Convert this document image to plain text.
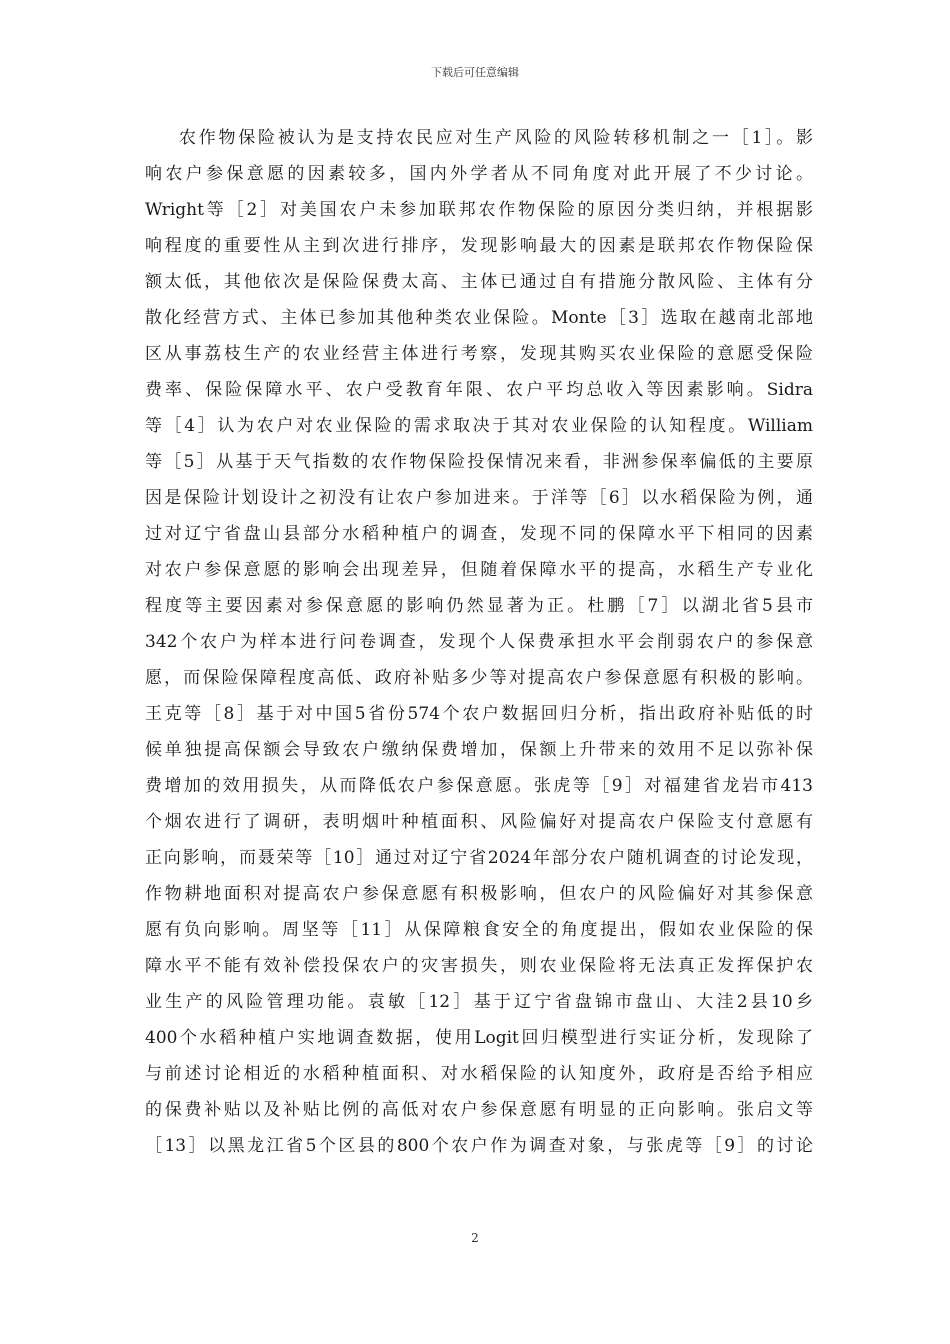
下载后可任意编辑
农作物保险被认为是支持农民应对生产风险的风险转移机制之一［1］。影
响农户参保意愿的因素较多，国内外学者从不同角度对此开展了不少讨论。
Wright等［2］对美国农户未参加联邦农作物保险的原因分类归纳，并根据影
响程度的重要性从主到次进行排序，发现影响最大的因素是联邦农作物保险保
额太低，其他依次是保险保费太高、主体已通过自有措施分散风险、主体有分
散化经营方式、主体已参加其他种类农业保险。Monte［3］选取在越南北部地
区从事荔枝生产的农业经营主体进行考察，发现其购买农业保险的意愿受保险
费率、保险保障水平、农户受教育年限、农户平均总收入等因素影响。Sidra
等［4］认为农户对农业保险的需求取决于其对农业保险的认知程度。William
等［5］从基于天气指数的农作物保险投保情况来看，非洲参保率偏低的主要原
因是保险计划设计之初没有让农户参加进来。于洋等［6］以水稻保险为例，通
过对辽宁省盘山县部分水稻种植户的调查，发现不同的保障水平下相同的因素
对农户参保意愿的影响会出现差异，但随着保障水平的提高，水稻生产专业化
程度等主要因素对参保意愿的影响仍然显著为正。杜鹏［7］以湖北省5县市
342个农户为样本进行问卷调查，发现个人保费承担水平会削弱农户的参保意
愿，而保险保障程度高低、政府补贴多少等对提高农户参保意愿有积极的影响。
王克等［8］基于对中国5省份574个农户数据回归分析，指出政府补贴低的时
候单独提高保额会导致农户缴纳保费增加，保额上升带来的效用不足以弥补保
费增加的效用损失，从而降低农户参保意愿。张虎等［9］对福建省龙岩市413
个烟农进行了调研，表明烟叶种植面积、风险偏好对提高农户保险支付意愿有
正向影响，而聂荣等［10］通过对辽宁省2024年部分农户随机调查的讨论发现，
作物耕地面积对提高农户参保意愿有积极影响，但农户的风险偏好对其参保意
愿有负向影响。周坚等［11］从保障粮食安全的角度提出，假如农业保险的保
障水平不能有效补偿投保农户的灾害损失，则农业保险将无法真正发挥保护农
业生产的风险管理功能。袁敏［12］基于辽宁省盘锦市盘山、大洼2县10乡
400个水稻种植户实地调查数据，使用Logit回归模型进行实证分析，发现除了
与前述讨论相近的水稻种植面积、对水稻保险的认知度外，政府是否给予相应
的保费补贴以及补贴比例的高低对农户参保意愿有明显的正向影响。张启文等
［13］以黑龙江省5个区县的800个农户作为调查对象，与张虎等［9］的讨论
2
